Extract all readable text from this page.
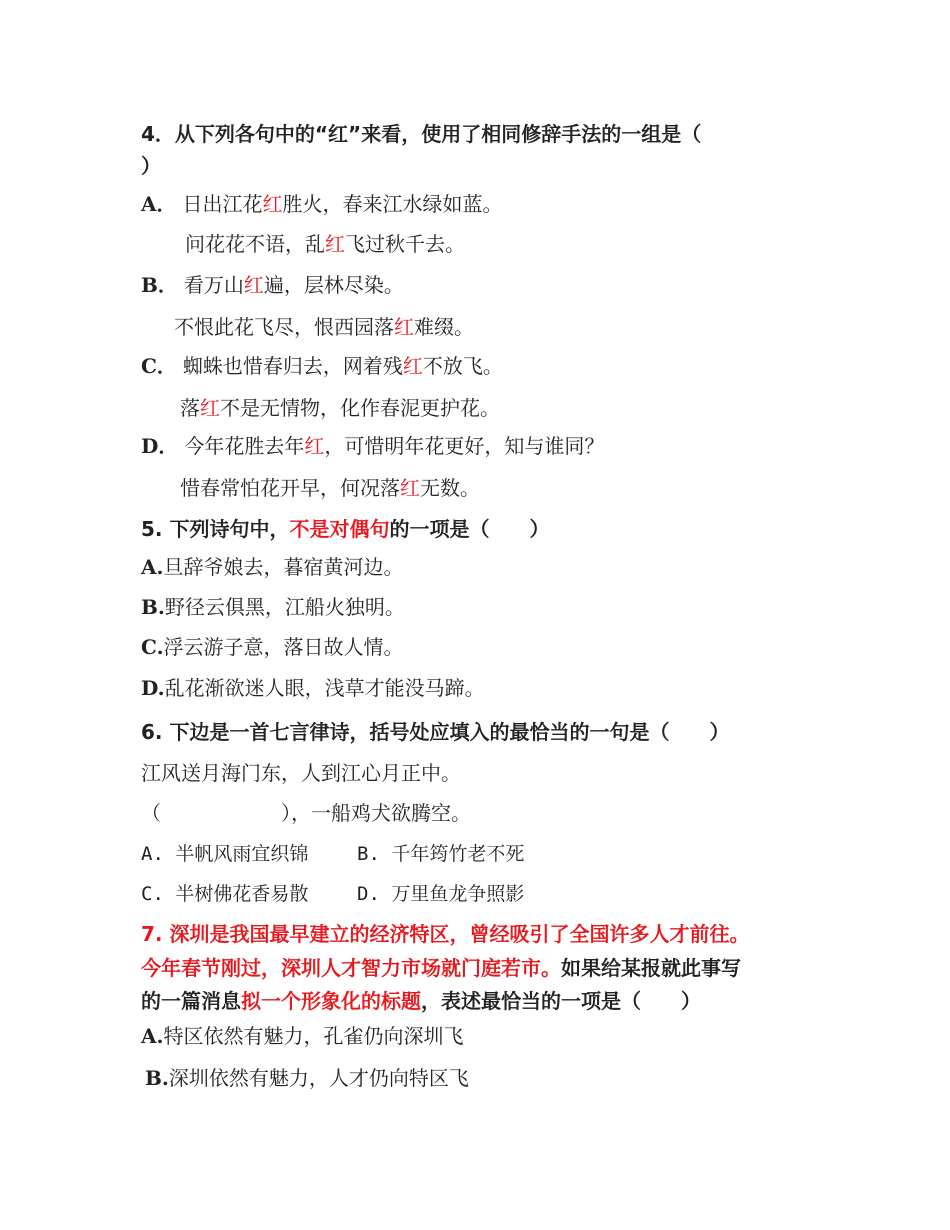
4．从下列各句中的“红”来看，使用了相同修辞手法的一组是（
）
A． 日出江花红胜火，春来江水绿如蓝。
问花花不语，乱红飞过秋千去。
B． 看万山红遍，层林尽染。
不恨此花飞尽，恨西园落红难缀。
C． 蜘蛛也惜春归去，网着残红不放飞。
落红不是无情物，化作春泥更护花。
D． 今年花胜去年红，可惜明年花更好，知与谁同？
惜春常怕花开早，何况落红无数。
5. 下列诗句中，不是对偶句的一项是（　　）
A.旦辞爷娘去，暮宿黄河边。
B.野径云俱黑，江船火独明。
C.浮云游子意，落日故人情。
D.乱花渐欲迷人眼，浅草才能没马蹄。
6. 下边是一首七言律诗，括号处应填入的最恰当的一句是（　　）
江风送月海门东，人到江心月正中。
（　　　　　　），一船鸡犬欲腾空。
A. 半帆风雨宜织锦	B. 千年筠竹老不死
C. 半树佛花香易散	D. 万里鱼龙争照影
7. 深圳是我国最早建立的经济特区，曾经吸引了全国许多人才前往。
今年春节刚过，深圳人才智力市场就门庭若市。如果给某报就此事写
的一篇消息拟一个形象化的标题，表述最恰当的一项是（　　）
A.特区依然有魅力，孔雀仍向深圳飞
B.深圳依然有魅力，人才仍向特区飞
